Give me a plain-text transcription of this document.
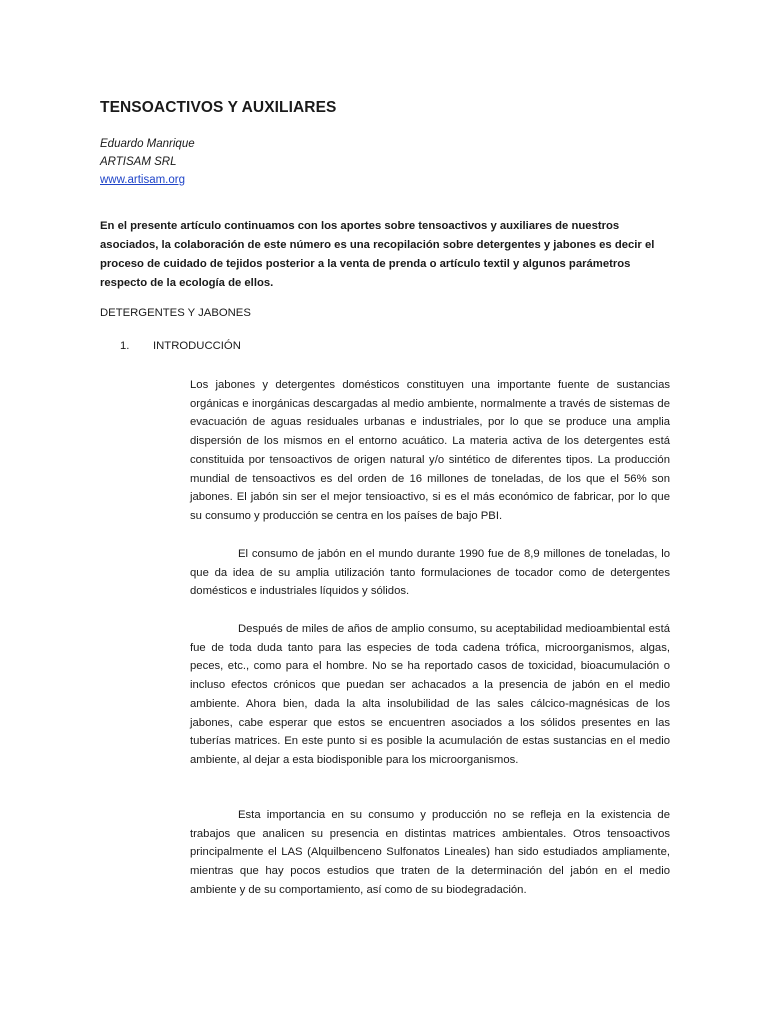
TENSOACTIVOS Y AUXILIARES
Eduardo Manrique
ARTISAM SRL
www.artisam.org

En el presente artículo continuamos con los aportes sobre tensoactivos y auxiliares de nuestros asociados, la colaboración de este número es una recopilación sobre detergentes y jabones es decir el proceso de cuidado de tejidos posterior a la venta de prenda o artículo textil y algunos parámetros respecto de la ecología de ellos.

DETERGENTES Y JABONES

1. INTRODUCCIÓN

Los jabones y detergentes domésticos constituyen una importante fuente de sustancias orgánicas e inorgánicas descargadas al medio ambiente, normalmente a través de sistemas de evacuación de aguas residuales urbanas e industriales, por lo que se produce una amplia dispersión de los mismos en el entorno acuático. La materia activa de los detergentes está constituida por tensoactivos de origen natural y/o sintético de diferentes tipos. La producción mundial de tensoactivos es del orden de 16 millones de toneladas, de los que el 56% son jabones. El jabón sin ser el mejor tensioactivo, si es el más económico de fabricar, por lo que su consumo y producción se centra en los países de bajo PBI.

El consumo de jabón en el mundo durante 1990 fue de 8,9 millones de toneladas, lo que da idea de su amplia utilización tanto formulaciones de tocador como de detergentes domésticos e industriales líquidos y sólidos.

Después de miles de años de amplio consumo, su aceptabilidad medioambiental está fue de toda duda tanto para las especies de toda cadena trófica, microorganismos, algas, peces, etc., como para el hombre. No se ha reportado casos de toxicidad, bioacumulación o incluso efectos crónicos que puedan ser achacados a la presencia de jabón en el medio ambiente. Ahora bien, dada la alta insolubilidad de las sales cálcico-magnésicas de los jabones, cabe esperar que estos se encuentren asociados a los sólidos presentes en las tuberías matrices. En este punto si es posible la acumulación de estas sustancias en el medio ambiente, al dejar a esta biodisponible para los microorganismos.

Esta importancia en su consumo y producción no se refleja en la existencia de trabajos que analicen su presencia en distintas matrices ambientales. Otros tensoactivos principalmente el LAS (Alquilbenceno Sulfonatos Lineales) han sido estudiados ampliamente, mientras que hay pocos estudios que traten de la determinación del jabón en el medio ambiente y de su comportamiento, así como de su biodegradación.
